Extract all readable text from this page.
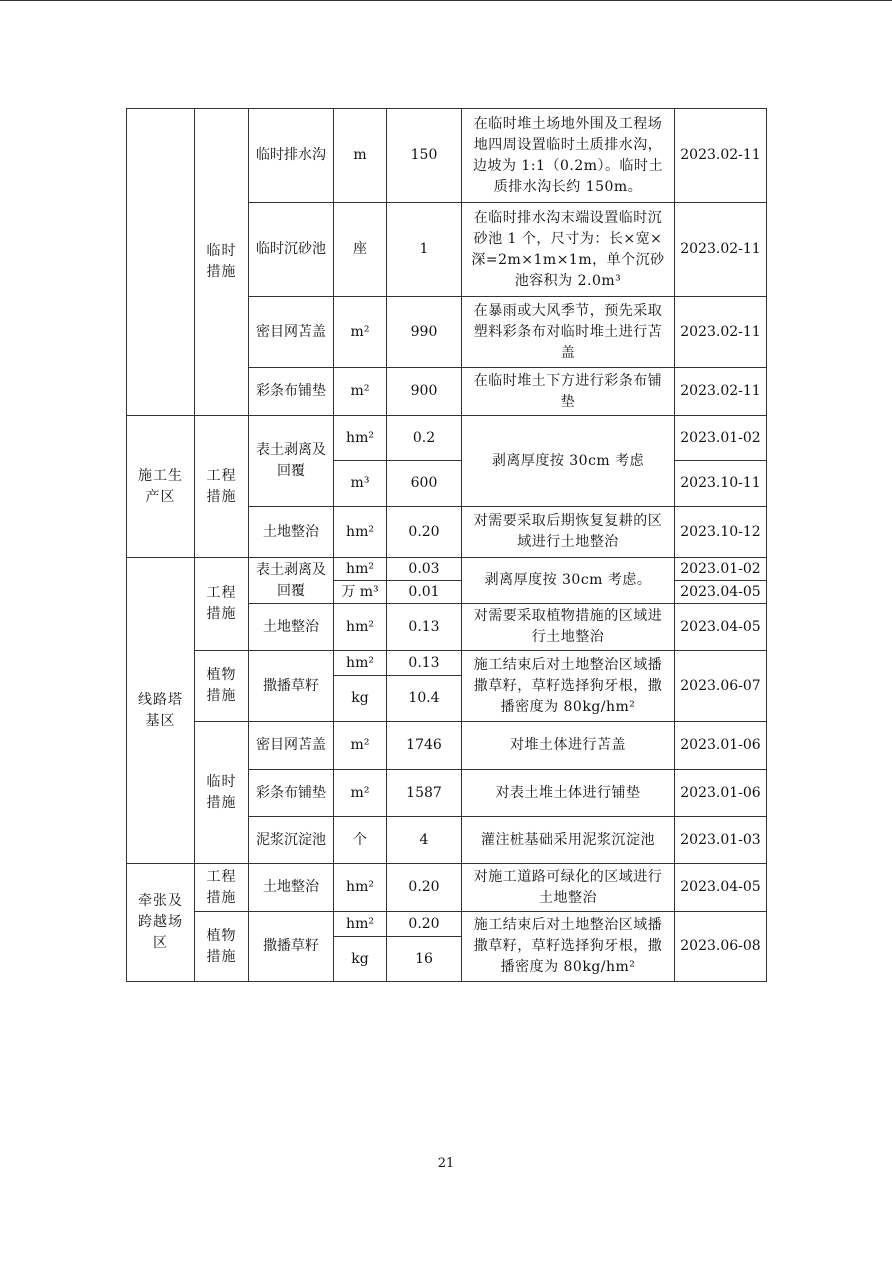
	临时措施	临时排水沟	m	150	在临时堆土场地外围及工程场地四周设置临时土质排水沟，边坡为 1:1（0.2m）。临时土质排水沟长约 150m。	2023.02-11
		临时沉砂池	座	1	在临时排水沟末端设置临时沉砂池 1 个，尺寸为：长×宽×深=2m×1m×1m，单个沉砂池容积为 2.0m³	2023.02-11
		密目网苫盖	m²	990	在暴雨或大风季节，预先采取塑料彩条布对临时堆土进行苫盖	2023.02-11
		彩条布铺垫	m²	900	在临时堆土下方进行彩条布铺垫	2023.02-11
施工生产区	工程措施	表土剥离及回覆	hm²	0.2	剥离厚度按 30cm 考虑	2023.01-02
			m³	600		2023.10-11
		土地整治	hm²	0.20	对需要采取后期恢复复耕的区域进行土地整治	2023.10-12
线路塔基区	工程措施	表土剥离及回覆	hm²	0.03	剥离厚度按 30cm 考虑。	2023.01-02
			万 m³	0.01		2023.04-05
		土地整治	hm²	0.13	对需要采取植物措施的区域进行土地整治	2023.04-05
	植物措施	撒播草籽	hm²	0.13	施工结束后对土地整治区域播撒草籽，草籽选择狗牙根，撒播密度为 80kg/hm²	2023.06-07
			kg	10.4		
	临时措施	密目网苫盖	m²	1746	对堆土体进行苫盖	2023.01-06
		彩条布铺垫	m²	1587	对表土堆土体进行铺垫	2023.01-06
		泥浆沉淀池	个	4	灌注桩基础采用泥浆沉淀池	2023.01-03
牵张及跨越场区	工程措施	土地整治	hm²	0.20	对施工道路可绿化的区域进行土地整治	2023.04-05
	植物措施	撒播草籽	hm²	0.20	施工结束后对土地整治区域播撒草籽，草籽选择狗牙根，撒播密度为 80kg/hm²	2023.06-08
			kg	16		
21
